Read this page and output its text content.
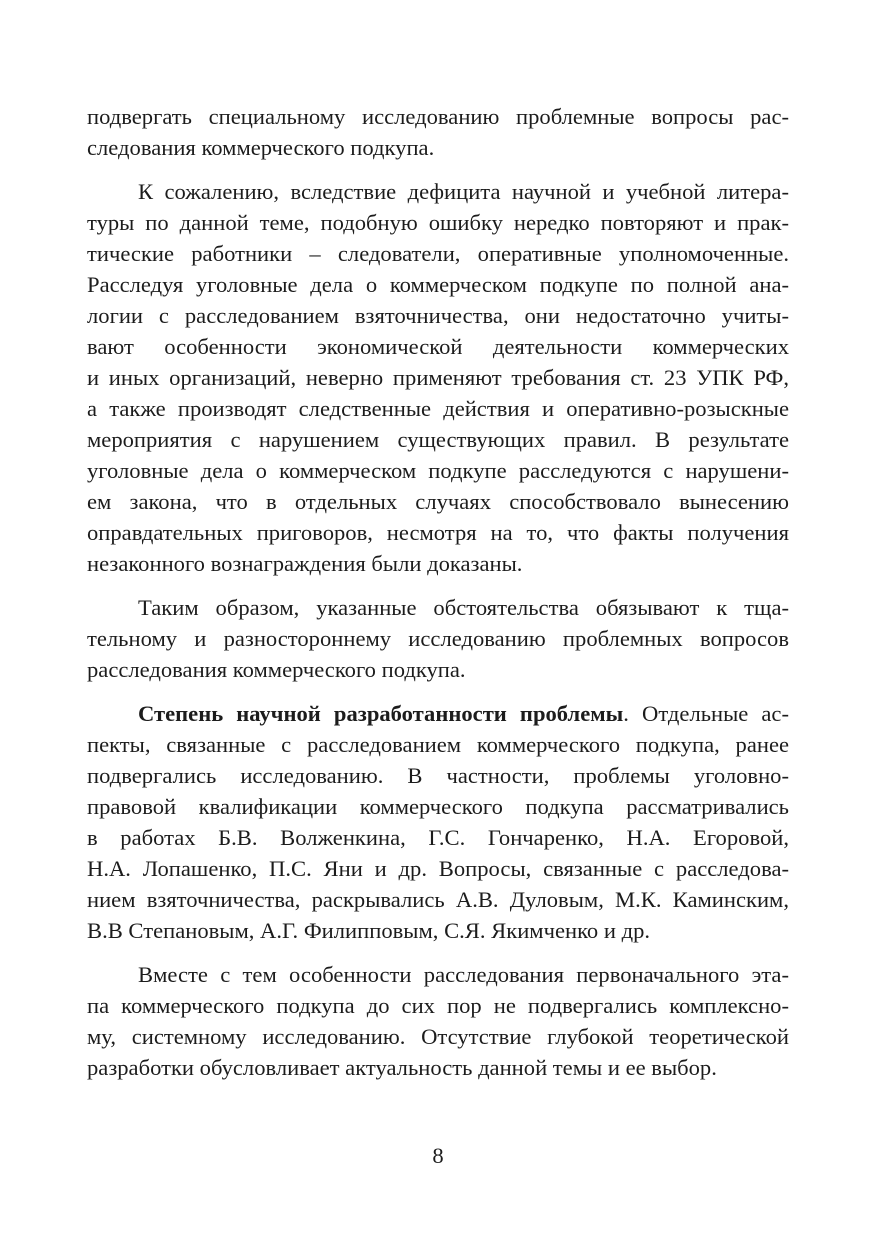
подвергать специальному исследованию проблемные вопросы рас-
следования коммерческого подкупа.
К сожалению, вследствие дефицита научной и учебной литера-
туры по данной теме, подобную ошибку нередко повторяют и прак-
тические работники – следователи, оперативные уполномоченные.
Расследуя уголовные дела о коммерческом подкупе по полной ана-
логии с расследованием взяточничества, они недостаточно учиты-
вают особенности экономической деятельности коммерческих
и иных организаций, неверно применяют требования ст. 23 УПК РФ,
а также производят следственные действия и оперативно-розыскные
мероприятия с нарушением существующих правил. В результате
уголовные дела о коммерческом подкупе расследуются с нарушени-
ем закона, что в отдельных случаях способствовало вынесению
оправдательных приговоров, несмотря на то, что факты получения
незаконного вознаграждения были доказаны.
Таким образом, указанные обстоятельства обязывают к тща-
тельному и разностороннему исследованию проблемных вопросов
расследования коммерческого подкупа.
Степень научной разработанности проблемы. Отдельные ас-
пекты, связанные с расследованием коммерческого подкупа, ранее
подвергались исследованию. В частности, проблемы уголовно-
правовой квалификации коммерческого подкупа рассматривались
в работах Б.В. Волженкина, Г.С. Гончаренко, Н.А. Егоровой,
Н.А. Лопашенко, П.С. Яни и др. Вопросы, связанные с расследова-
нием взяточничества, раскрывались А.В. Дуловым, М.К. Каминским,
В.В Степановым, А.Г. Филипповым, С.Я. Якимченко и др.
Вместе с тем особенности расследования первоначального эта-
па коммерческого подкупа до сих пор не подвергались комплексно-
му, системному исследованию. Отсутствие глубокой теоретической
разработки обусловливает актуальность данной темы и ее выбор.
8
